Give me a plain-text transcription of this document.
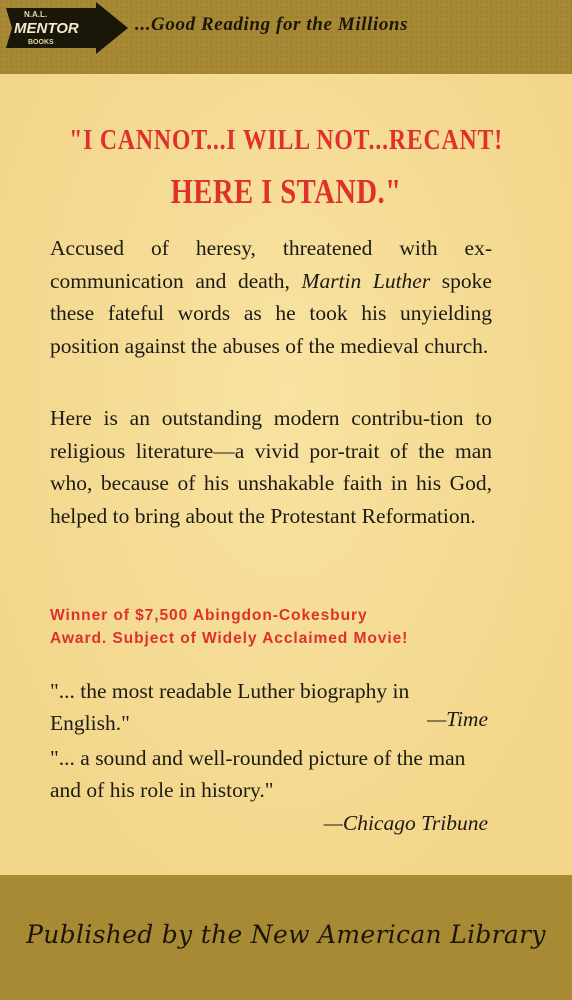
N.A.L.
MENTOR
BOOKS
...Good Reading for the Millions
"I CANNOT...I WILL NOT...RECANT!
HERE I STAND."
Accused of heresy, threatened with ex-communication and death, Martin Luther spoke these fateful words as he took his unyielding position against the abuses of the medieval church.
Here is an outstanding modern contribu-tion to religious literature—a vivid por-trait of the man who, because of his unshakable faith in his God, helped to bring about the Protestant Reformation.
Winner of $7,500 Abingdon-Cokesbury
Award. Subject of Widely Acclaimed Movie!
"... the most readable Luther biography in English."	—Time
"... a sound and well-rounded picture of the man and of his role in history."
—Chicago Tribune
Published by the New American Library
